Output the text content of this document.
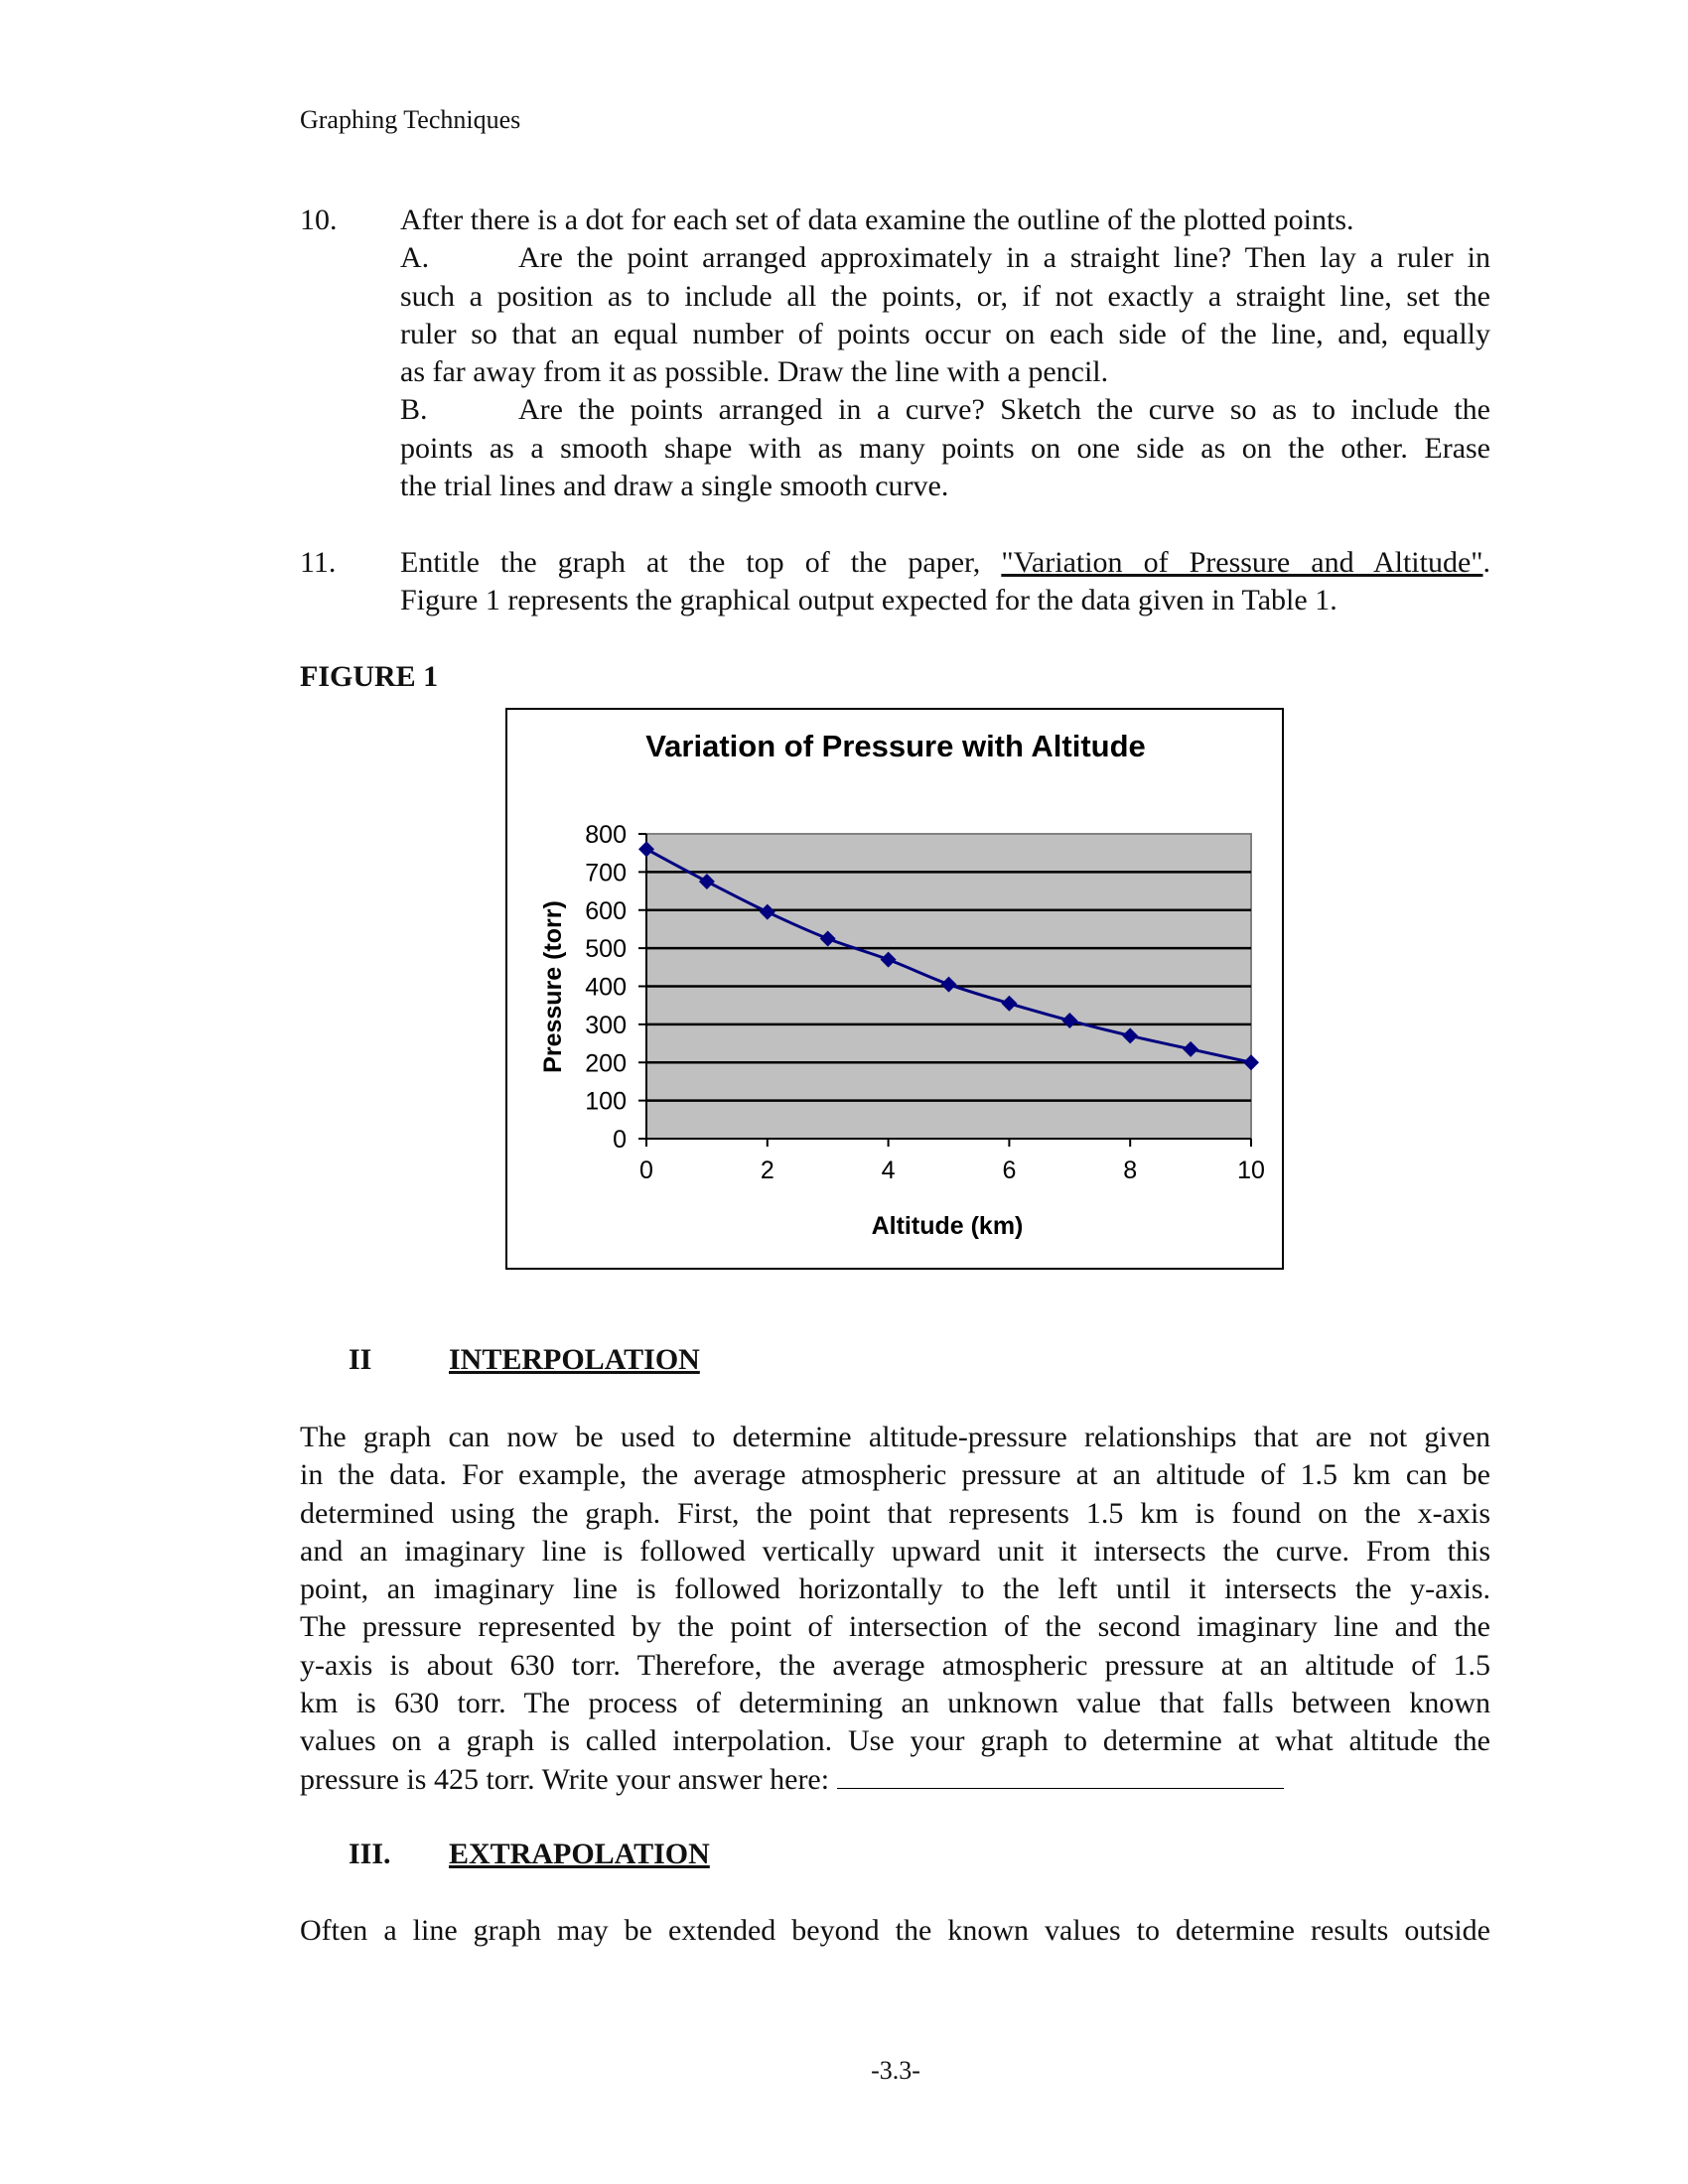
Graphing Techniques
10. After there is a dot for each set of data examine the outline of the plotted points.
A.	Are the point arranged approximately in a straight line? Then lay a ruler in
such a position as to include all the points, or, if not exactly a straight line, set the
ruler so that an equal number of points occur on each side of the line, and, equally
as far away from it as possible. Draw the line with a pencil.
B.	Are the points arranged in a curve? Sketch the curve so as to include the
points as a smooth shape with as many points on one side as on the other. Erase
the trial lines and draw a single smooth curve.
11. Entitle the graph at the top of the paper, "Variation of Pressure and Altitude".
Figure 1 represents the graphical output expected for the data given in Table 1.
FIGURE 1
Variation of Pressure with Altitude
Altitude (km)
Pressure (torr)
0
100
200
300
400
500
600
700
800
0	2	4	6	8	10
II	INTERPOLATION
The graph can now be used to determine altitude-pressure relationships that are not given
in the data. For example, the average atmospheric pressure at an altitude of 1.5 km can be
determined using the graph. First, the point that represents 1.5 km is found on the x-axis
and an imaginary line is followed vertically upward unit it intersects the curve. From this
point, an imaginary line is followed horizontally to the left until it intersects the y-axis.
The pressure represented by the point of intersection of the second imaginary line and the
y-axis is about 630 torr. Therefore, the average atmospheric pressure at an altitude of 1.5
km is 630 torr. The process of determining an unknown value that falls between known
values on a graph is called interpolation. Use your graph to determine at what altitude the
pressure is 425 torr. Write your answer here:
III. EXTRAPOLATION
Often a line graph may be extended beyond the known values to determine results outside
-3.3-
